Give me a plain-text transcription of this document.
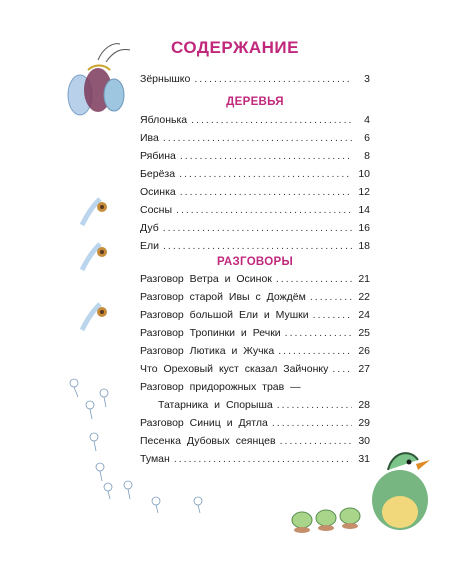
СОДЕРЖАНИЕ
Зёрнышко .....	3
ДЕРЕВЬЯ
Яблонька .....	4
Ива .....	6
Рябина .....	8
Берёза .....	10
Осинка .....	12
Сосны .....	14
Дуб .....	16
Ели .....	18
РАЗГОВОРЫ
Разговор Ветра и Осинок .....	21
Разговор старой Ивы с Дождём .....	22
Разговор большой Ели и Мушки .....	24
Разговор Тропинки и Речки .....	25
Разговор Лютика и Жучка .....	26
Что Ореховый куст сказал Зайчонку .....	27
Разговор придорожных трав —
Татарника и Спорыша .....	28
Разговор Синиц и Дятла .....	29
Песенка Дубовых сеянцев .....	30
Туман .....	31
